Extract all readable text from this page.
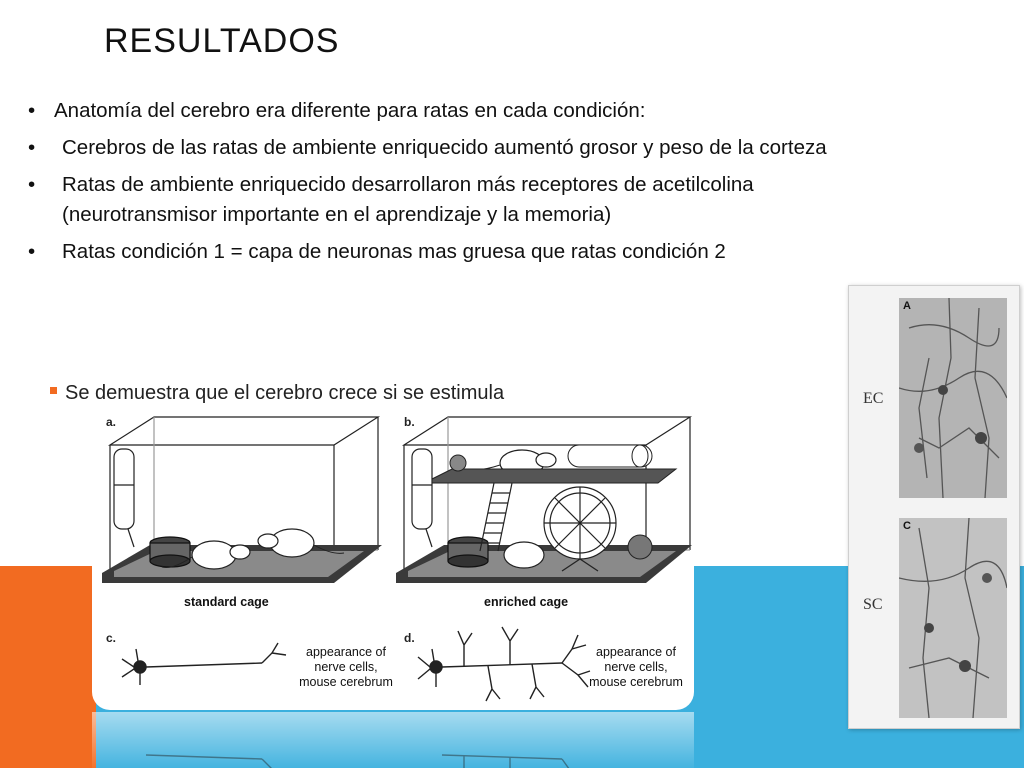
RESULTADOS
• Anatomía del cerebro era diferente para ratas en cada condición:
• Cerebros de las ratas de ambiente enriquecido aumentó grosor y peso de la corteza
• Ratas de ambiente enriquecido desarrollaron más receptores de acetilcolina (neurotransmisor importante en el aprendizaje y la memoria)
• Ratas condición 1 = capa de neuronas mas gruesa que ratas condición 2
Se demuestra que el cerebro crece si se estimula
a.	b.
c.	d.
standard cage	enriched cage
appearance of
nerve cells,
mouse cerebrum
appearance of
nerve cells,
mouse cerebrum
A
C
EC
SC
